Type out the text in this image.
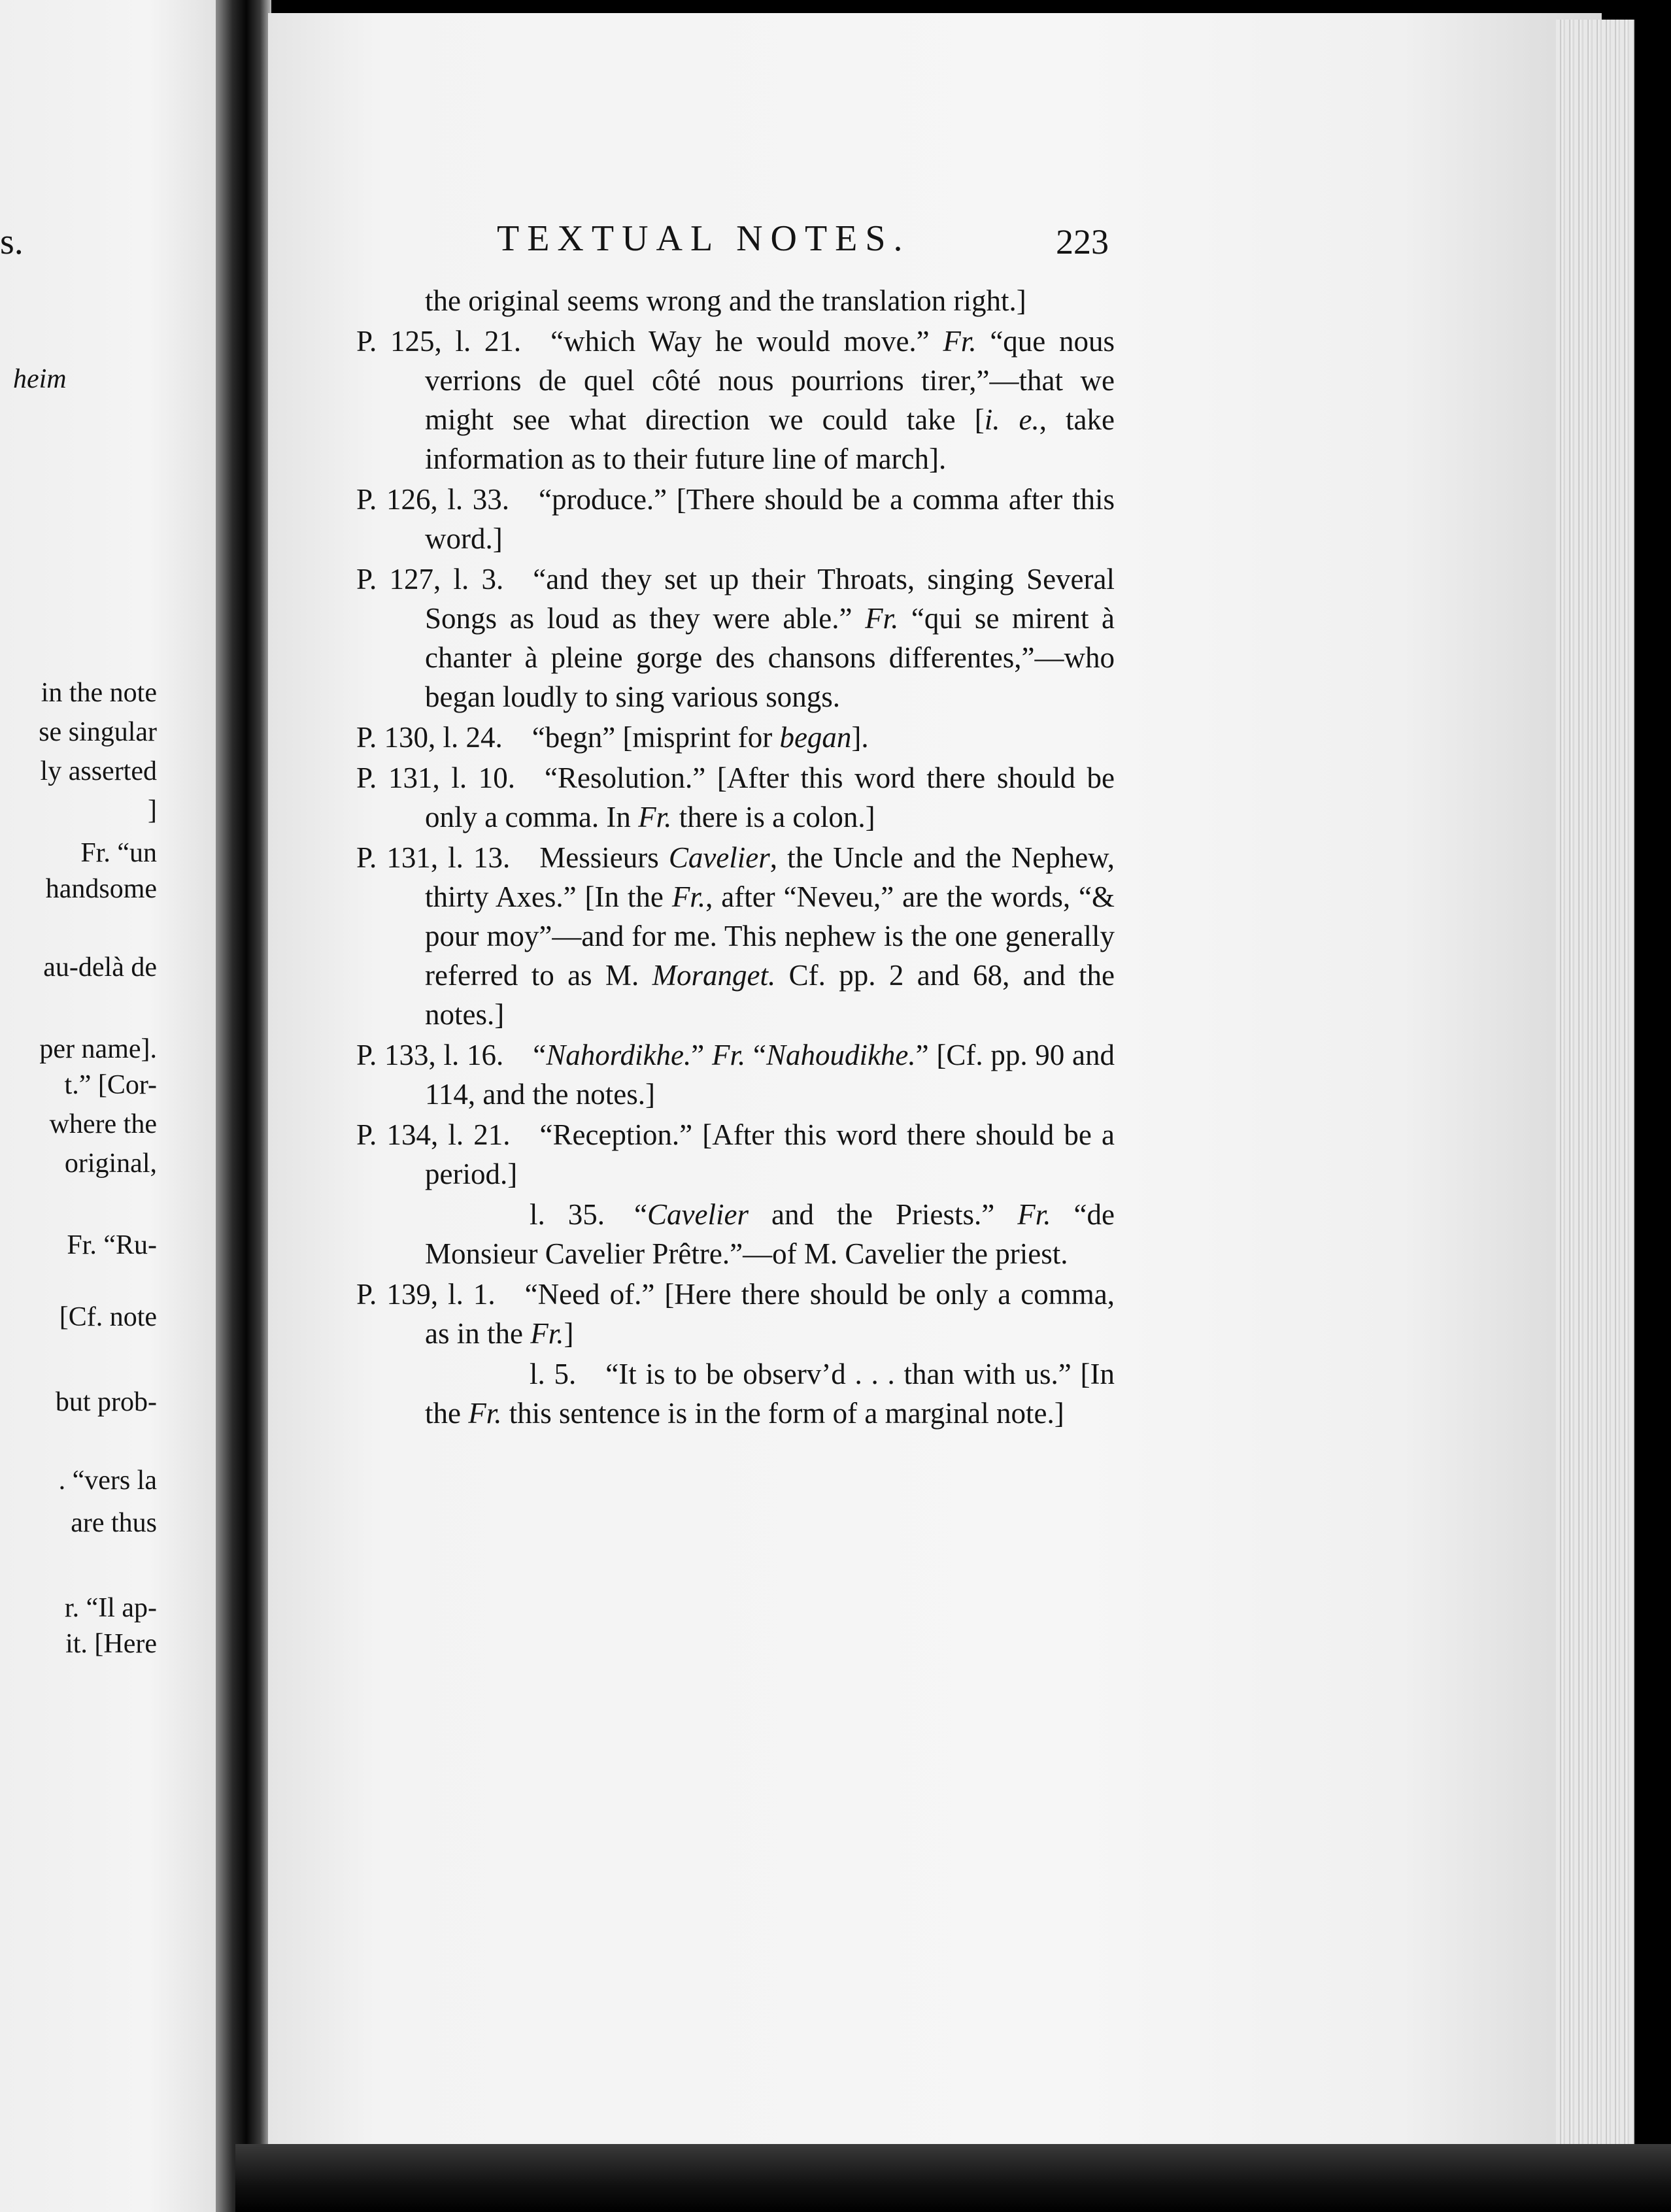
s.
heim
in the note
se singular
ly asserted
]
Fr. “un
handsome
au-delà de
per name].
t.” [Cor-
where the
original,
Fr. “Ru-
[Cf. note
but prob-
. “vers la
are thus
r. “Il ap-
it. [Here
TEXTUAL NOTES.	223

the original seems wrong and the translation right.]

P. 125, l. 21.  “which Way he would move.” Fr. “que nous verrions de quel côté nous pourrions tirer,”—that we might see what direction we could take [i. e., take information as to their future line of march].

P. 126, l. 33.  “produce.” [There should be a comma after this word.]

P. 127, l. 3.  “and they set up their Throats, singing Several Songs as loud as they were able.” Fr. “qui se mirent à chanter à pleine gorge des chansons differentes,”—who began loudly to sing various songs.

P. 130, l. 24.  “begn” [misprint for began].

P. 131, l. 10.  “Resolution.” [After this word there should be only a comma. In Fr. there is a colon.]

P. 131, l. 13.  Messieurs Cavelier, the Uncle and the Nephew, thirty Axes.” [In the Fr., after “Neveu,” are the words, “& pour moy”—and for me. This nephew is the one generally referred to as M. Moranget. Cf. pp. 2 and 68, and the notes.]

P. 133, l. 16.  “Nahordikhe.” Fr. “Nahoudikhe.” [Cf. pp. 90 and 114, and the notes.]

P. 134, l. 21.  “Reception.” [After this word there should be a period.]

l. 35.  “Cavelier and the Priests.” Fr. “de Monsieur Cavelier Prêtre.”—of M. Cavelier the priest.

P. 139, l. 1.  “Need of.” [Here there should be only a comma, as in the Fr.]

l. 5.  “It is to be observ’d . . . than with us.” [In the Fr. this sentence is in the form of a marginal note.]
